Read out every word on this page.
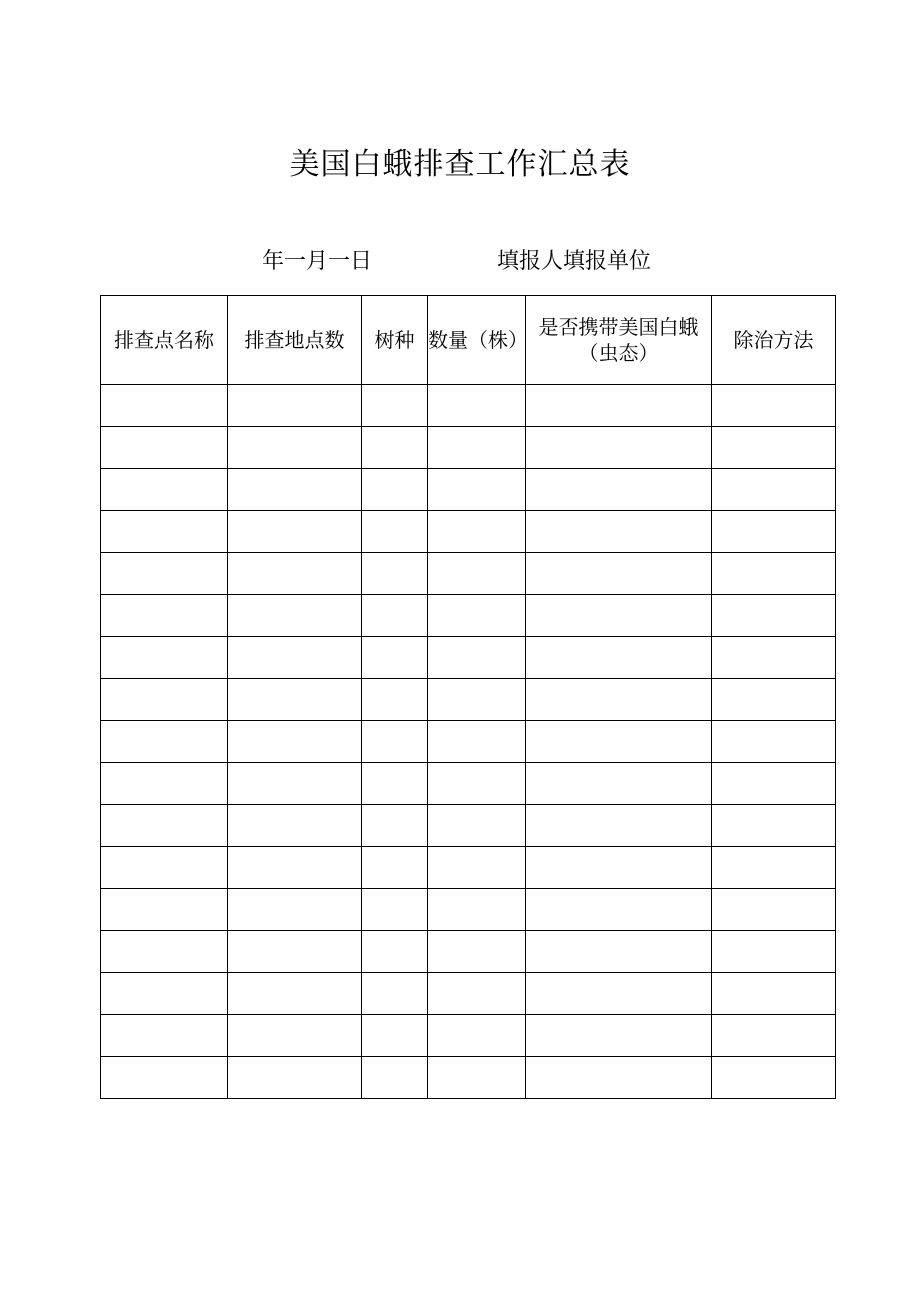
美国白蛾排查工作汇总表
年一月一日	填报人填报单位
排查点名称	排查地点数	树种	数量（株）	是否携带美国白蛾（虫态）	除治方法
